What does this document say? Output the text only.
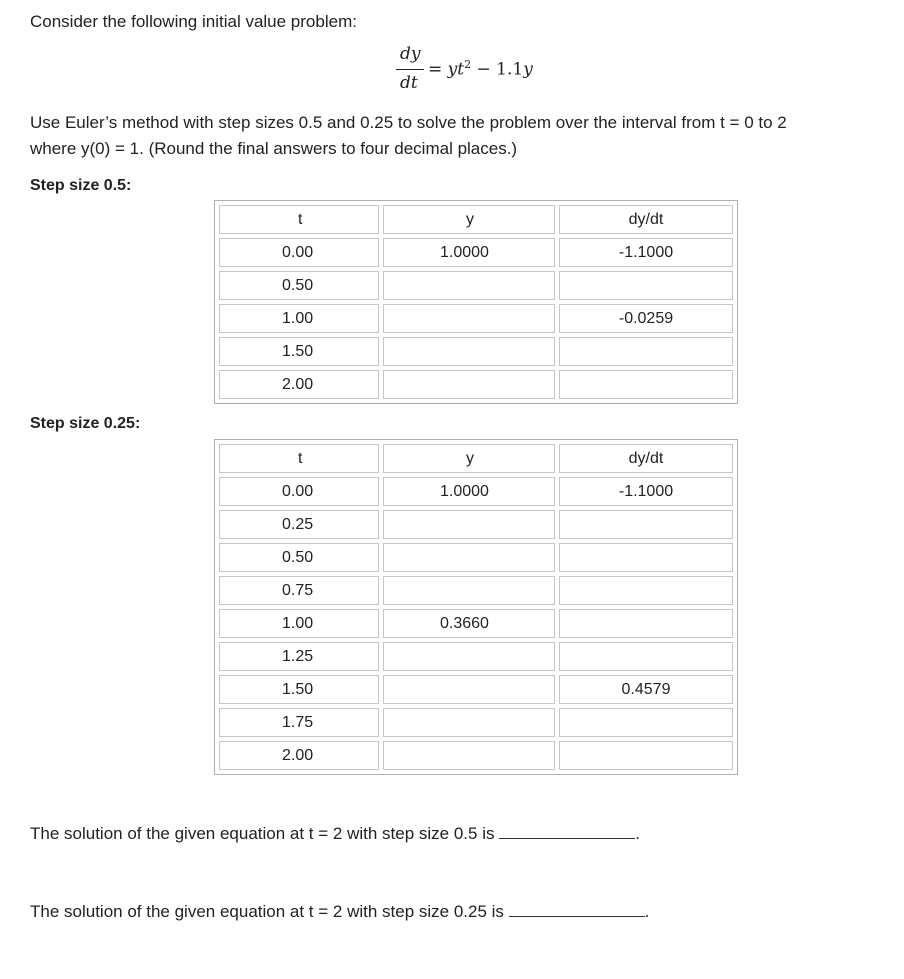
Consider the following initial value problem:
dy
dt
= $yt^2 - 1.1y$
Use Euler’s method with step sizes 0.5 and 0.25 to solve the problem over the interval from t = 0 to 2
where y(0) = 1. (Round the final answers to four decimal places.)
Step size 0.5:
t	y	dy/dt
0.00	1.0000	-1.1000
0.50		
1.00		-0.0259
1.50		
2.00		
Step size 0.25:
t	y	dy/dt
0.00	1.0000	-1.1000
0.25		
0.50		
0.75		
1.00	0.3660	
1.25		
1.50		0.4579
1.75		
2.00		
The solution of the given equation at t = 2 with step size 0.5 is	.
The solution of the given equation at t = 2 with step size 0.25 is	.
